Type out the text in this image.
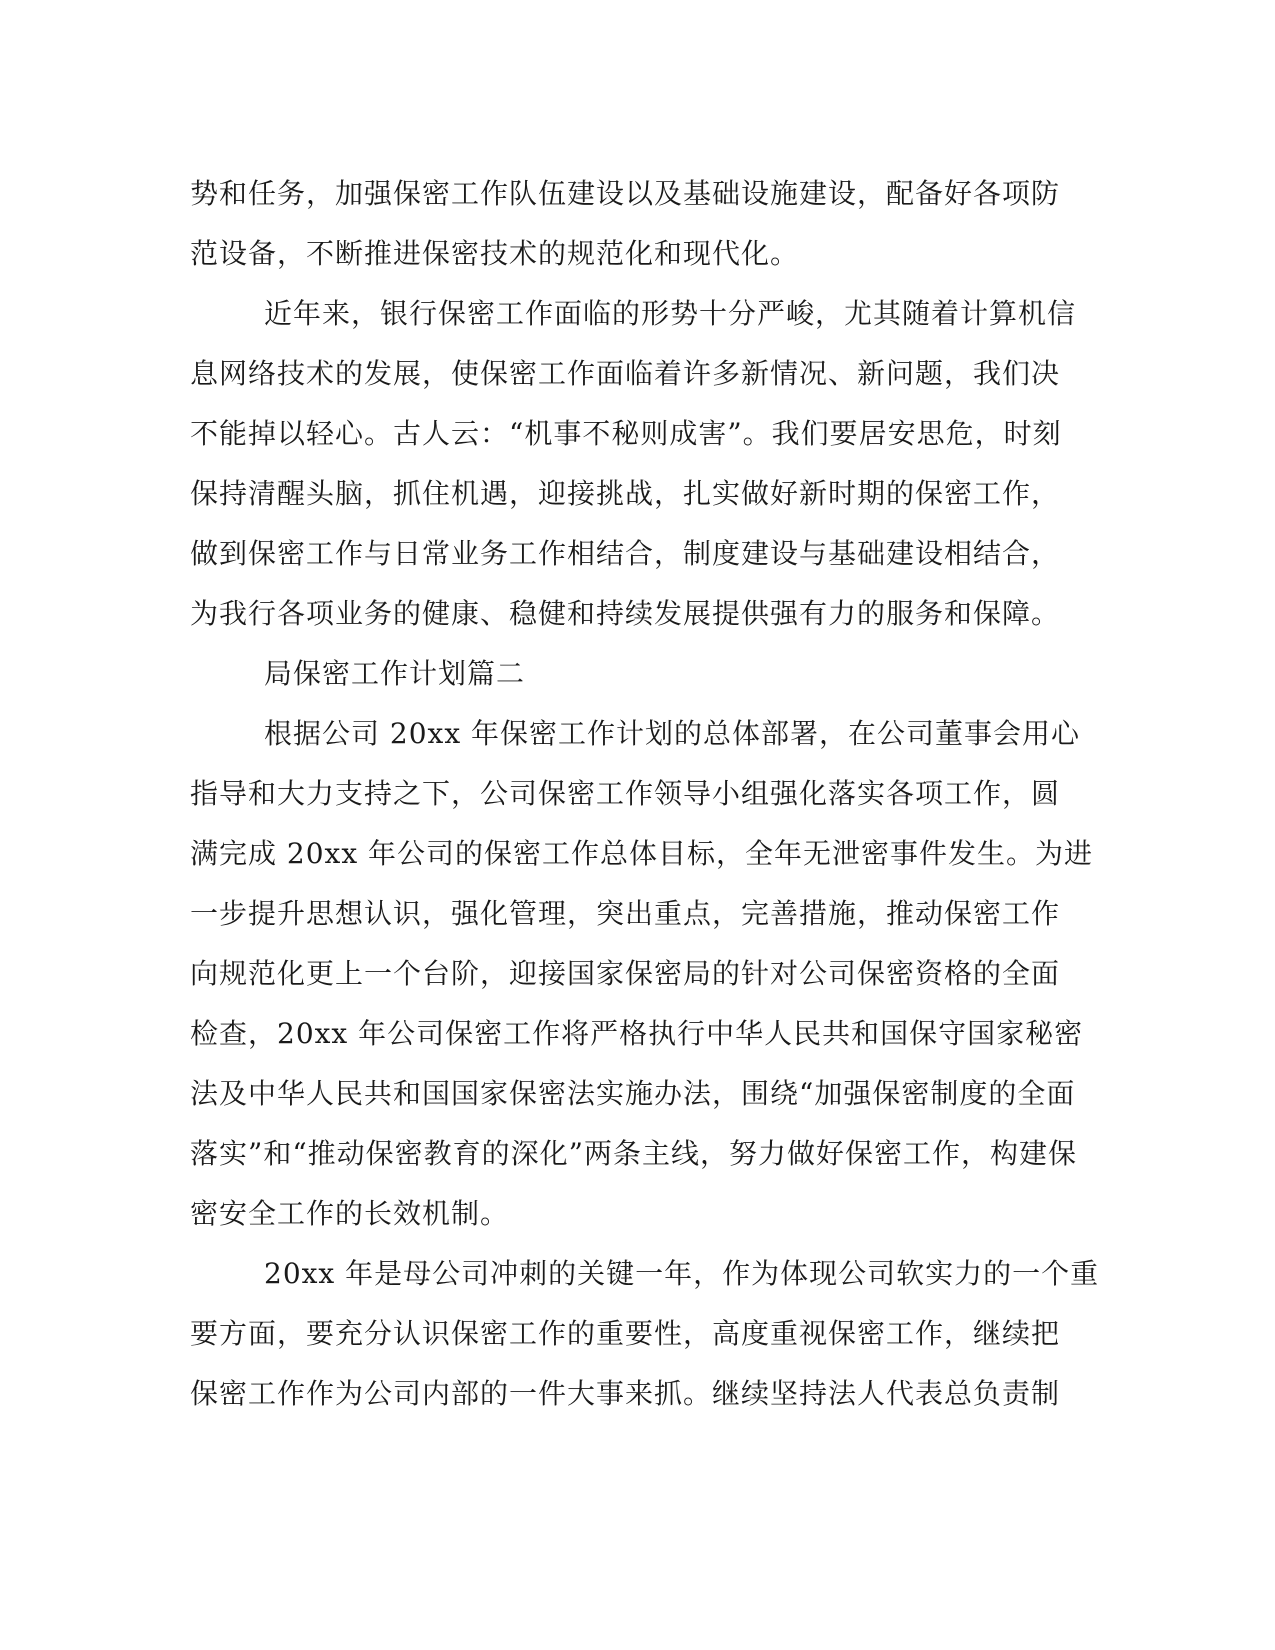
势和任务，加强保密工作队伍建设以及基础设施建设，配备好各项防
范设备，不断推进保密技术的规范化和现代化。
近年来，银行保密工作面临的形势十分严峻，尤其随着计算机信
息网络技术的发展，使保密工作面临着许多新情况、新问题，我们决
不能掉以轻心。古人云：“机事不秘则成害”。我们要居安思危，时刻
保持清醒头脑，抓住机遇，迎接挑战，扎实做好新时期的保密工作，
做到保密工作与日常业务工作相结合，制度建设与基础建设相结合，
为我行各项业务的健康、稳健和持续发展提供强有力的服务和保障。
局保密工作计划篇二
根据公司 20xx 年保密工作计划的总体部署，在公司董事会用心
指导和大力支持之下，公司保密工作领导小组强化落实各项工作，圆
满完成 20xx 年公司的保密工作总体目标，全年无泄密事件发生。为进
一步提升思想认识，强化管理，突出重点，完善措施，推动保密工作
向规范化更上一个台阶，迎接国家保密局的针对公司保密资格的全面
检查，20xx 年公司保密工作将严格执行中华人民共和国保守国家秘密
法及中华人民共和国国家保密法实施办法，围绕“加强保密制度的全面
落实”和“推动保密教育的深化”两条主线，努力做好保密工作，构建保
密安全工作的长效机制。
20xx 年是母公司冲刺的关键一年，作为体现公司软实力的一个重
要方面，要充分认识保密工作的重要性，高度重视保密工作，继续把
保密工作作为公司内部的一件大事来抓。继续坚持法人代表总负责制
